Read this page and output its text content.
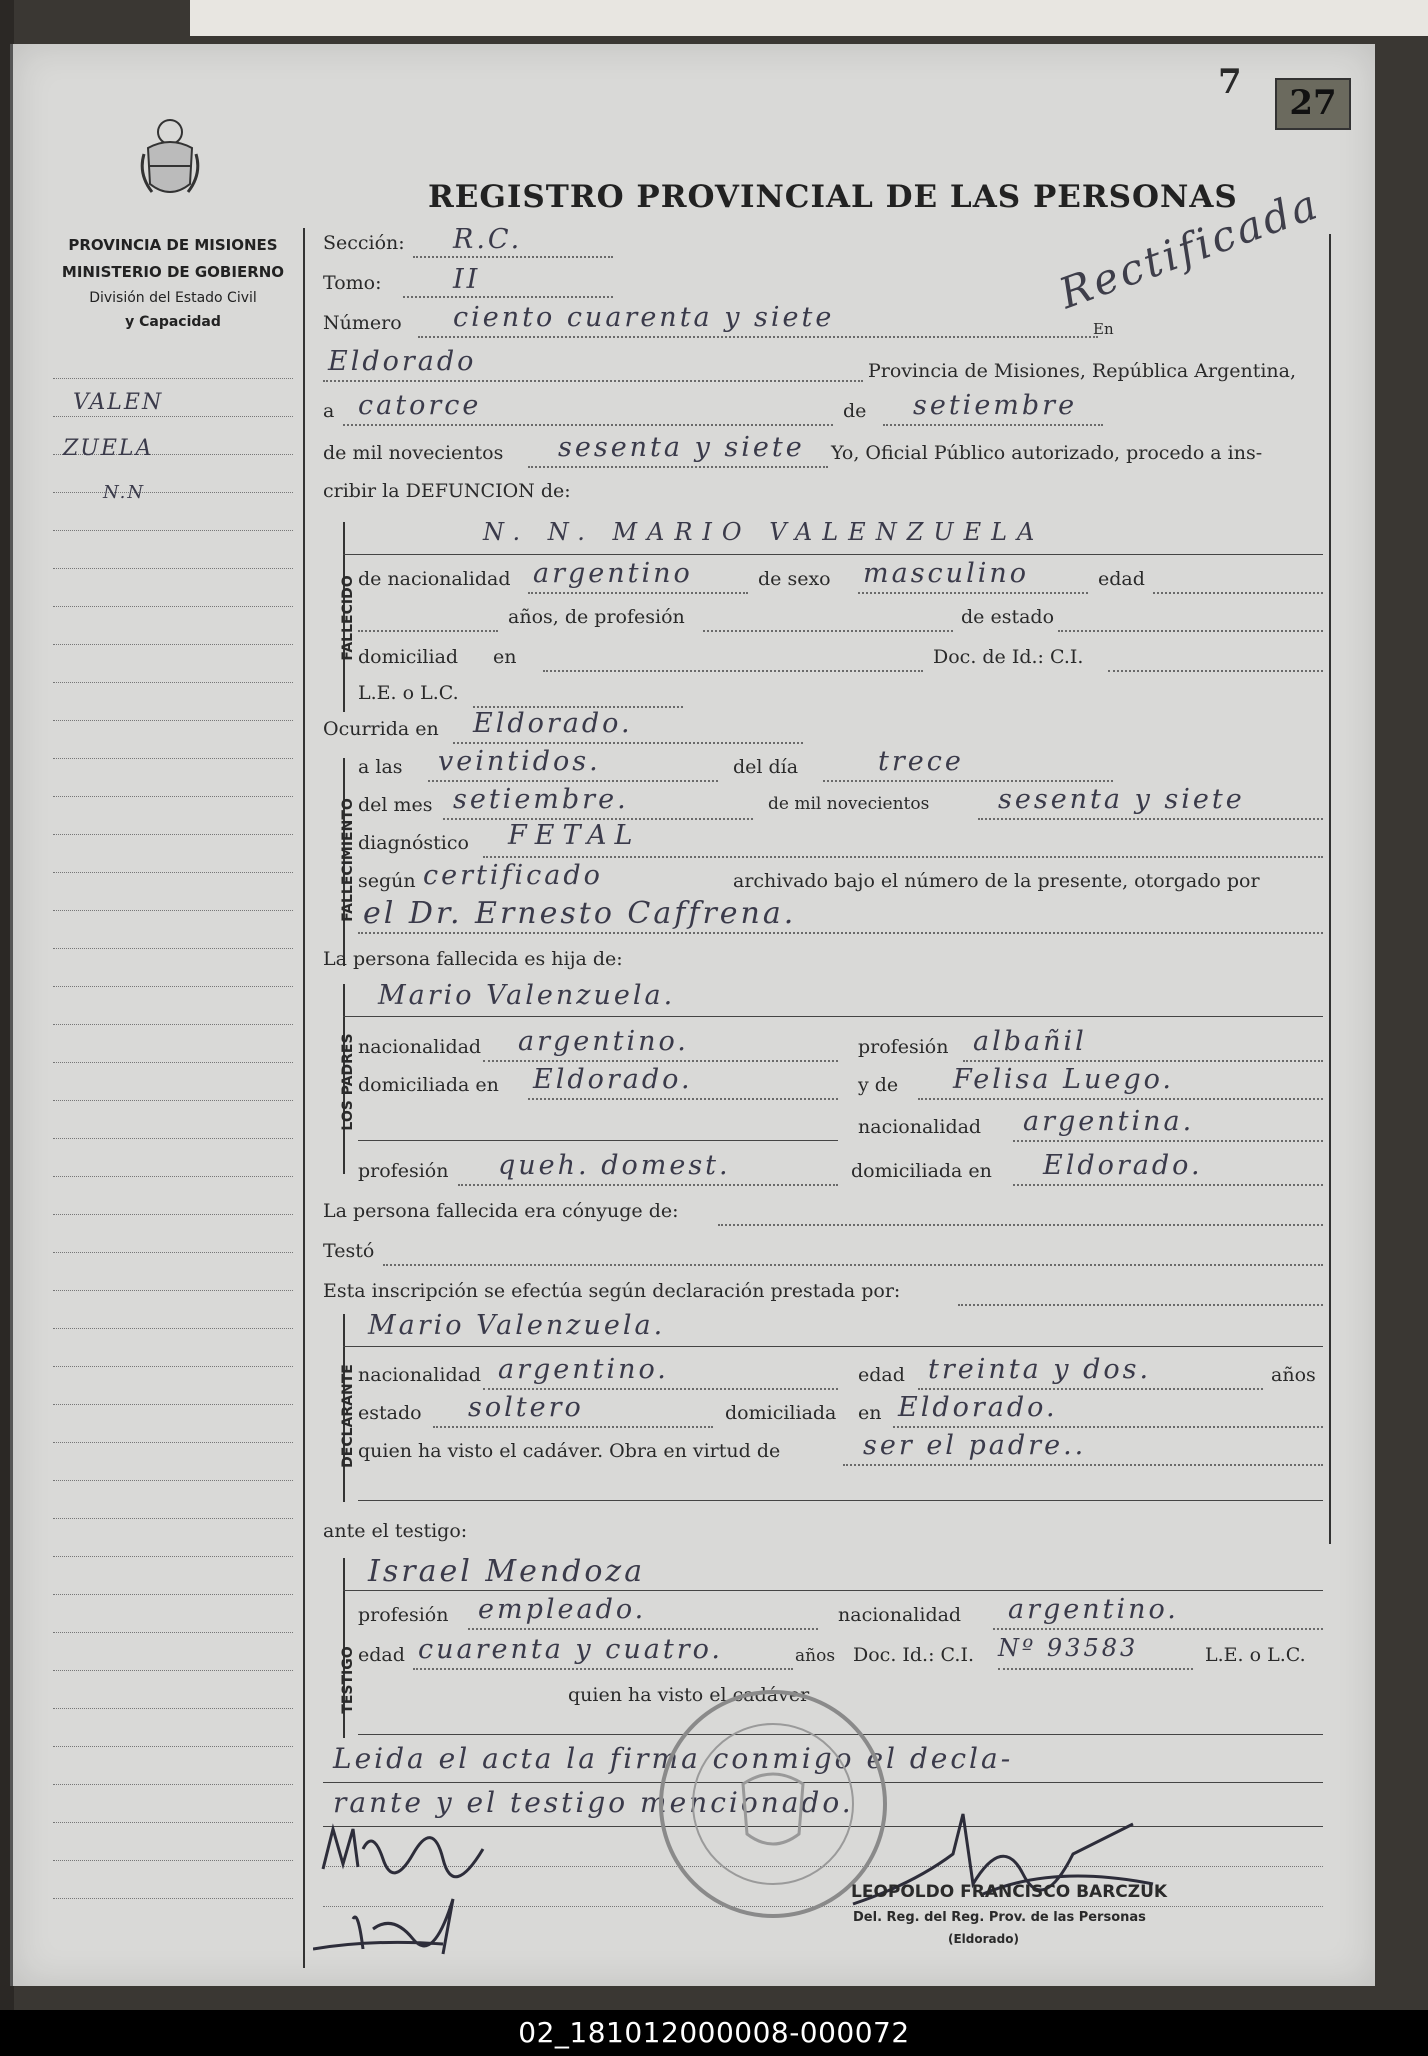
7
27
REGISTRO PROVINCIAL DE LAS PERSONAS
PROVINCIA DE MISIONES
MINISTERIO DE GOBIERNO
División del Estado Civil
y Capacidad
VALEN
ZUELA
N.N
Sección: R.C.
Tomo:	II	Rectificada
Número ciento cuarenta y siete	En
Eldorado	Provincia de Misiones, República Argentina,
a catorce	de setiembre
de mil novecientos sesenta y siete Yo, Oficial Público autorizado, procedo a ins-
cribir la DEFUNCION de:
FALLECIDO
N. N. MARIO VALENZUELA
de nacionalidad argentino	de sexo masculino	edad
años, de profesión	de estado
domiciliad en	Doc. de Id.: C.I.
L.E. o L.C.
Ocurrida en Eldorado.
FALLECIMIENTO
a las veintidos.	del día	trece
del mes setiembre.	de mil novecientos	sesenta y siete
diagnóstico FETAL
según certificado	archivado bajo el número de la presente, otorgado por
el Dr. Ernesto Caffrena.
La persona fallecida es hija de:
LOS PADRES
Mario Valenzuela.
nacionalidad argentino.	profesión albañil
domiciliada en Eldorado.	y de Felisa Luego.
nacionalidad argentina.
profesión queh. domest.	domiciliada en Eldorado.
La persona fallecida era cónyuge de:
Testó
Esta inscripción se efectúa según declaración prestada por:
DECLARANTE
Mario Valenzuela.
nacionalidad argentino.	edad treinta y dos.	años
estado soltero	domiciliada en Eldorado.
quien ha visto el cadáver. Obra en virtud de	ser el padre..
ante el testigo:
TESTIGO
Israel Mendoza
profesión empleado.	nacionalidad argentino.
edad cuarenta y cuatro.	años Doc. Id.: C.I. Nº 93583	L.E. o L.C.
quien ha visto el cadáver
Leida el acta la firma conmigo el decla-
rante y el testigo mencionado.
LEOPOLDO FRANCISCO BARCZUK
Del. Reg. del Reg. Prov. de las Personas
(Eldorado)
02_181012000008-000072
